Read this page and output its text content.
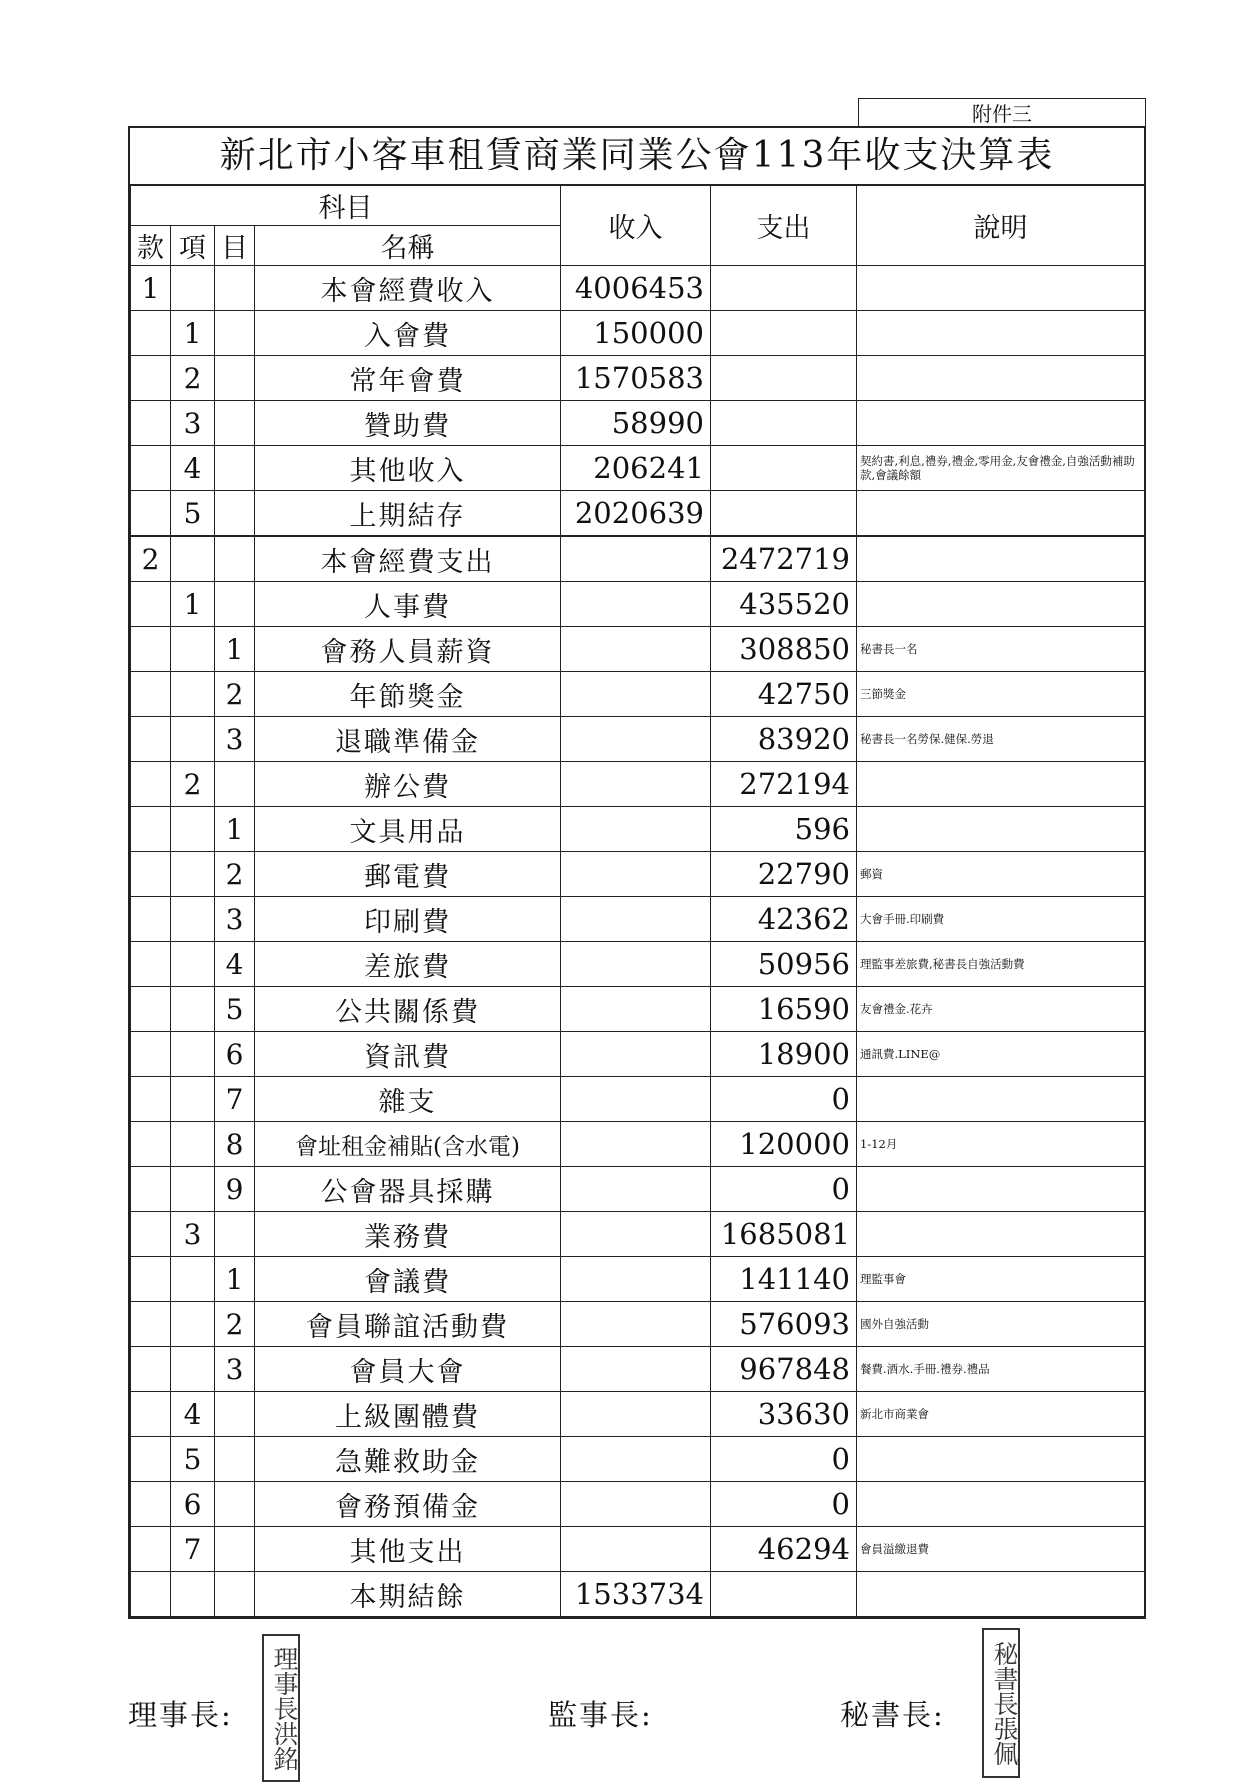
附件三
新北市小客車租賃商業同業公會113年收支決算表
科目				收入	支出	說明
款	項	目	名稱			
1			本會經費收入	4006453		
	1		入會費	150000		
	2		常年會費	1570583		
	3		贊助費	58990		
	4		其他收入	206241		契約書,利息,禮券,禮金,零用金,友會禮金,自強活動補助款,會議餘額
	5		上期結存	2020639		
2			本會經費支出		2472719	
	1		人事費		435520	
		1	會務人員薪資		308850	秘書長一名
		2	年節獎金		42750	三節獎金
		3	退職準備金		83920	秘書長一名勞保.健保.勞退
	2		辦公費		272194	
		1	文具用品		596	
		2	郵電費		22790	郵資
		3	印刷費		42362	大會手冊.印刷費
		4	差旅費		50956	理監事差旅費,秘書長自強活動費
		5	公共關係費		16590	友會禮金.花卉
		6	資訊費		18900	通訊費.LINE@
		7	雜支		0	
		8	會址租金補貼(含水電)		120000	1-12月
		9	公會器具採購		0	
	3		業務費		1685081	
		1	會議費		141140	理監事會
		2	會員聯誼活動費		576093	國外自強活動
		3	會員大會		967848	餐費.酒水.手冊.禮券.禮品
	4		上級團體費		33630	新北市商業會
	5		急難救助金		0	
	6		會務預備金		0	
	7		其他支出		46294	會員溢繳退費
			本期結餘	1533734		
理事長:	理事長洪銘	監事長:	秘書長:	秘書長張佩
